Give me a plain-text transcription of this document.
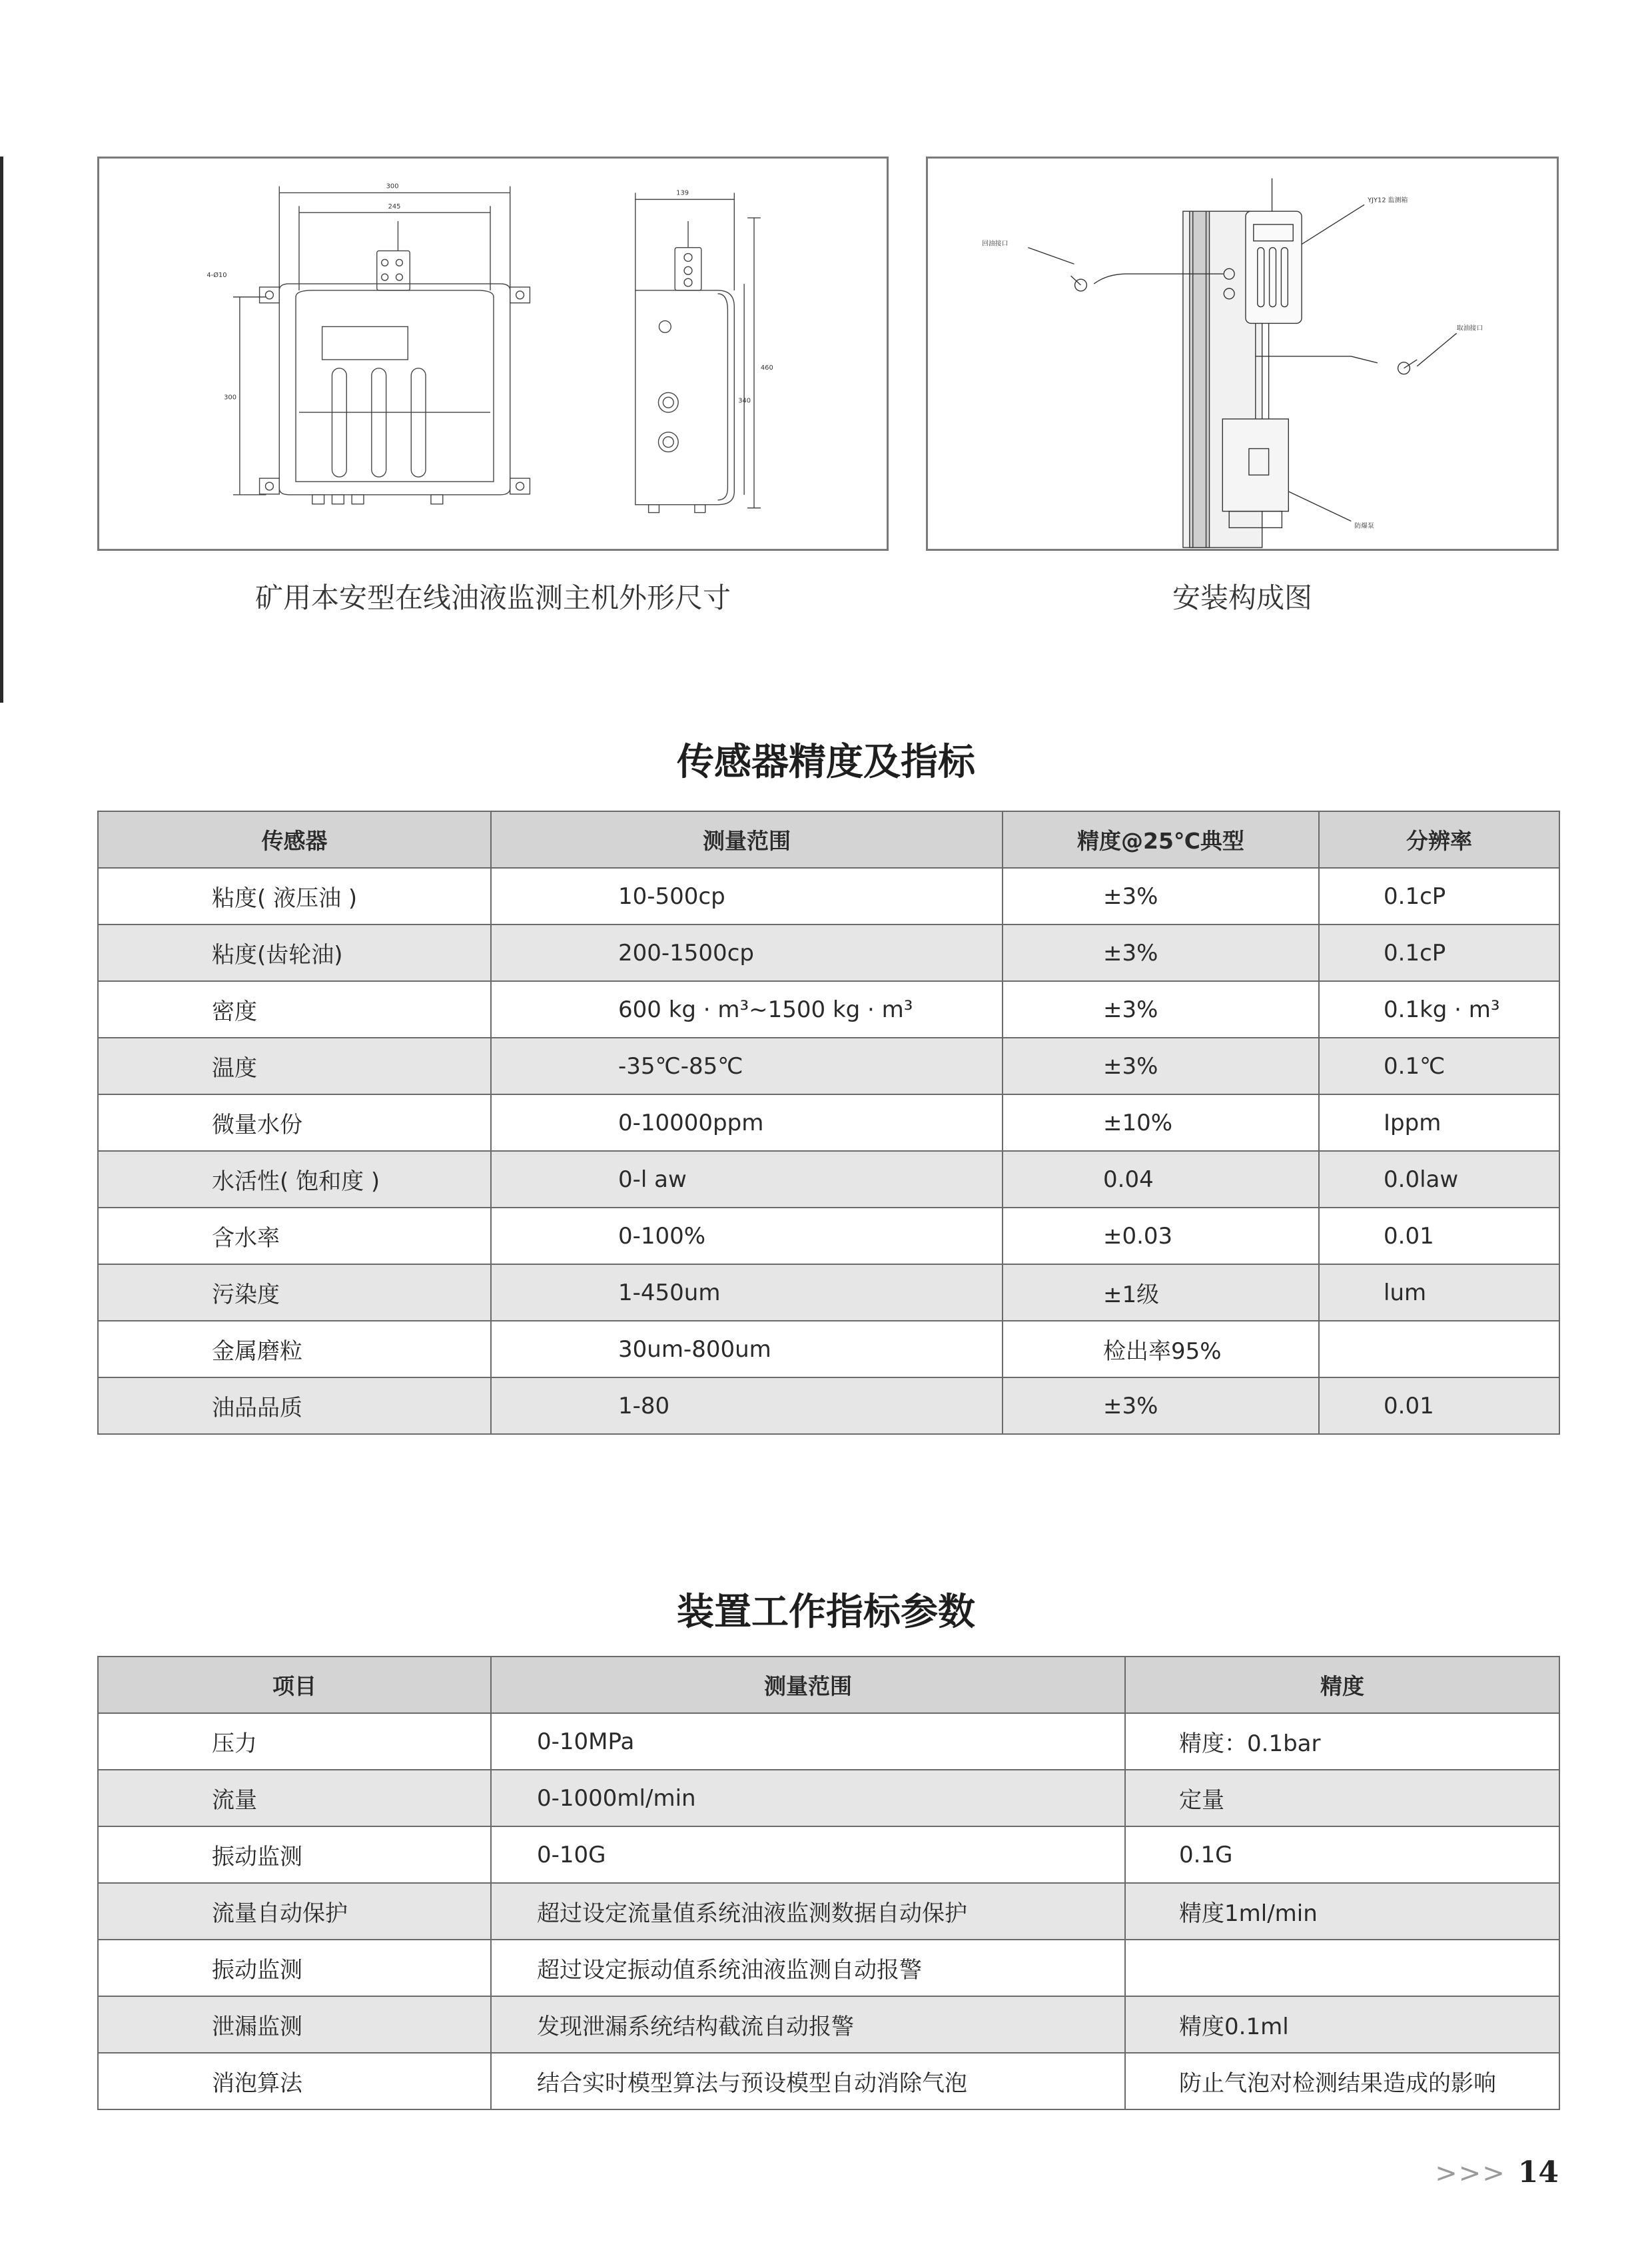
300
245
4-Ø10
300
139
460
340
YJY12 监测箱
回油接口
取油接口
防爆泵
矿用本安型在线油液监测主机外形尺寸	安装构成图
传感器精度及指标
传感器	测量范围	精度@25℃典型	分辨率
粘度( 液压油 )	10-500cp	±3%	0.1cP
粘度(齿轮油)	200-1500cp	±3%	0.1cP
密度	600 kg · m³~1500 kg · m³	±3%	0.1kg · m³
温度	-35℃-85℃	±3%	0.1℃
微量水份	0-10000ppm	±10%	Ippm
水活性( 饱和度 )	0-l aw	0.04	0.0law
含水率	0-100%	±0.03	0.01
污染度	1-450um	±1级	lum
金属磨粒	30um-800um	检出率95%	
油品品质	1-80	±3%	0.01
装置工作指标参数
项目	测量范围	精度
压力	0-10MPa	精度：0.1bar
流量	0-1000ml/min	定量
振动监测	0-10G	0.1G
流量自动保护	超过设定流量值系统油液监测数据自动保护	精度1ml/min
振动监测	超过设定振动值系统油液监测自动报警	
泄漏监测	发现泄漏系统结构截流自动报警	精度0.1ml
消泡算法	结合实时模型算法与预设模型自动消除气泡	防止气泡对检测结果造成的影响
>>> 14
